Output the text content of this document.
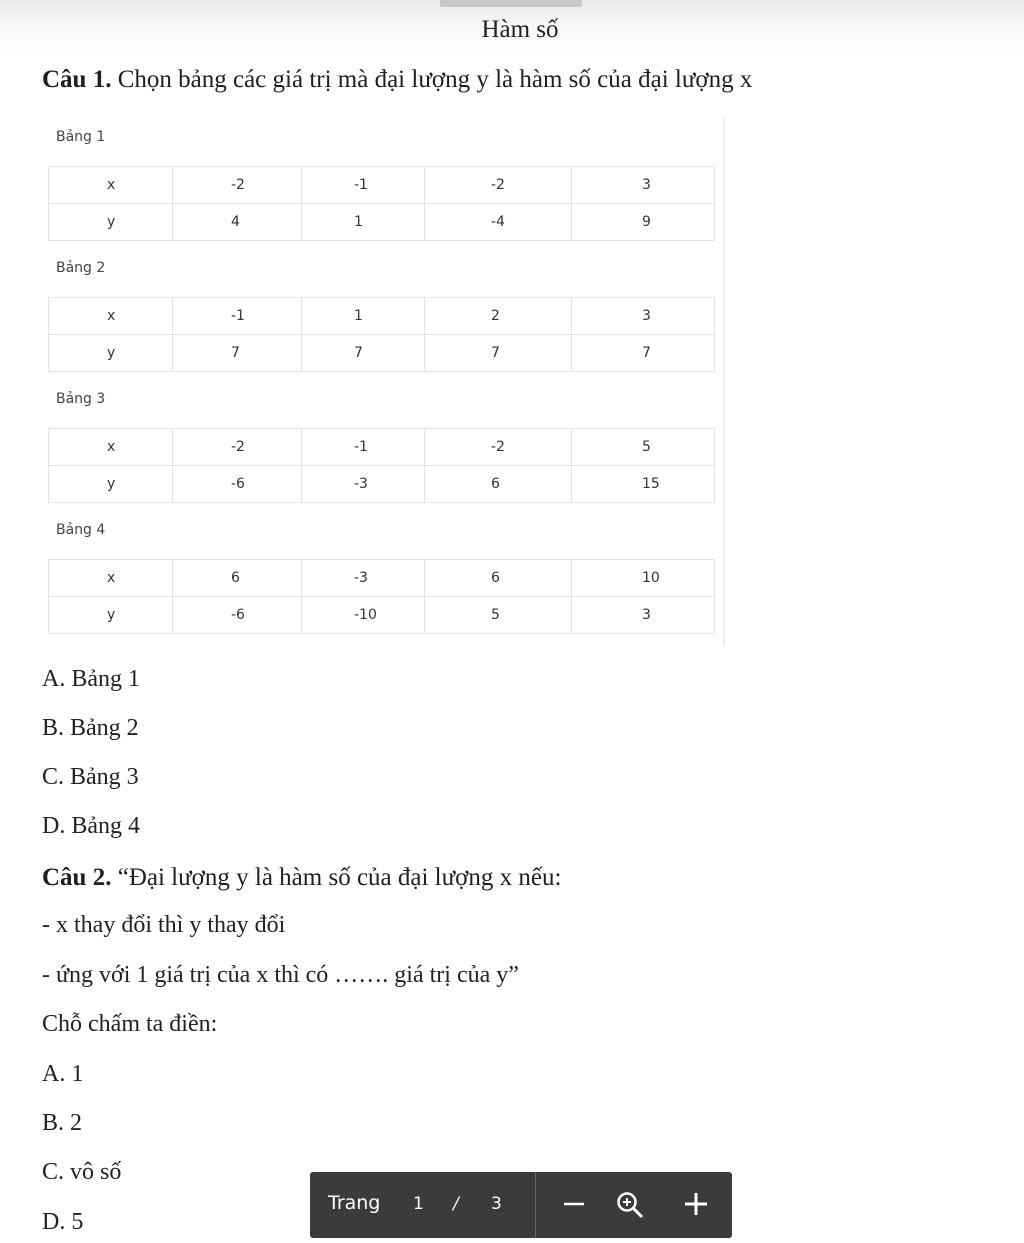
Hàm số
Câu 1. Chọn bảng các giá trị mà đại lượng y là hàm số của đại lượng x
Bảng 1
x	-2	-1	-2	3
y	4	1	-4	9
Bảng 2
x	-1	1	2	3
y	7	7	7	7
Bảng 3
x	-2	-1	-2	5
y	-6	-3	6	15
Bảng 4
x	6	-3	6	10
y	-6	-10	5	3
A. Bảng 1
B. Bảng 2
C. Bảng 3
D. Bảng 4
Câu 2. “Đại lượng y là hàm số của đại lượng x nếu:
- x thay đổi thì y thay đổi
- ứng với 1 giá trị của x thì có ……. giá trị của y”
Chỗ chấm ta điền:
A. 1
B. 2
C. vô số
D. 5
Trang 1 / 3
